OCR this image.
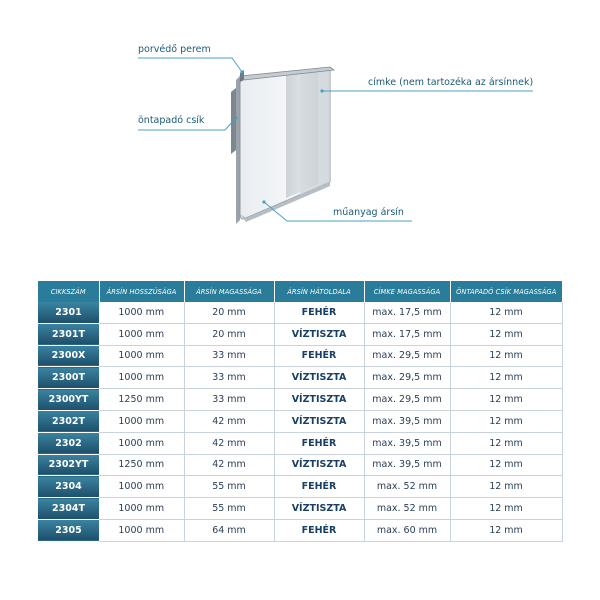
porvédő perem
öntapadó csík
címke (nem tartozéka az ársínnek)
műanyag ársín
CIKKSZÁM	ÁRSÍN HOSSZÚSÁGA	ÁRSÍN MAGASSÁGA	ÁRSÍN HÁTOLDALA	CÍMKE MAGASSÁGA	ÖNTAPADÓ CSÍK MAGASSÁGA
2301	1000 mm	20 mm	FEHÉR	max. 17,5 mm	12 mm
2301T	1000 mm	20 mm	VÍZTISZTA	max. 17,5 mm	12 mm
2300X	1000 mm	33 mm	FEHÉR	max. 29,5 mm	12 mm
2300T	1000 mm	33 mm	VÍZTISZTA	max. 29,5 mm	12 mm
2300YT	1250 mm	33 mm	VÍZTISZTA	max. 29,5 mm	12 mm
2302T	1000 mm	42 mm	VÍZTISZTA	max. 39,5 mm	12 mm
2302	1000 mm	42 mm	FEHÉR	max. 39,5 mm	12 mm
2302YT	1250 mm	42 mm	VÍZTISZTA	max. 39,5 mm	12 mm
2304	1000 mm	55 mm	FEHÉR	max. 52 mm	12 mm
2304T	1000 mm	55 mm	VÍZTISZTA	max. 52 mm	12 mm
2305	1000 mm	64 mm	FEHÉR	max. 60 mm	12 mm
